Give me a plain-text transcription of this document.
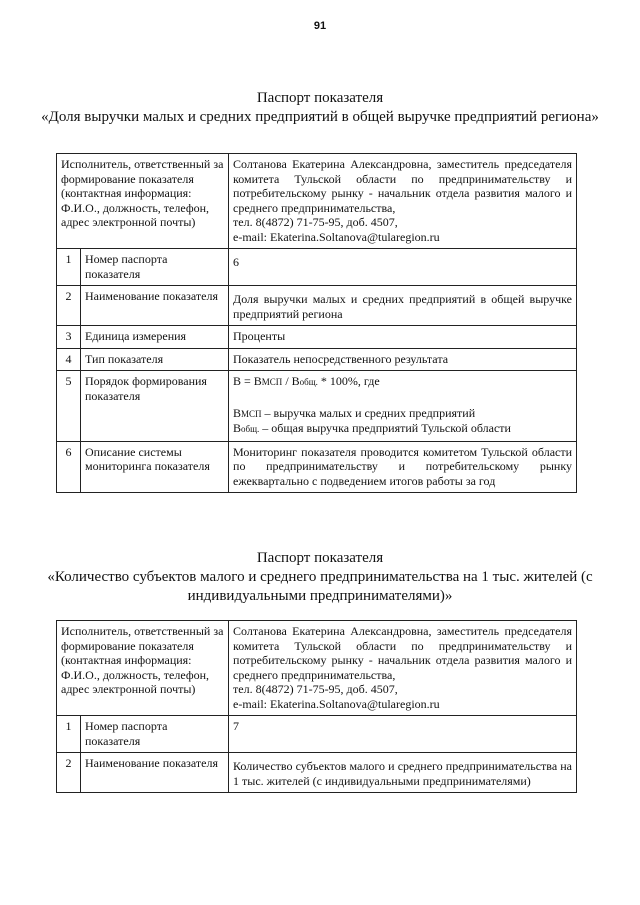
91
Паспорт показателя
«Доля выручки малых и средних предприятий в общей выручке предприятий региона»
Исполнитель, ответственный за формирование показателя (контактная информация: Ф.И.О., должность, телефон, адрес электронной почты)		Солтанова Екатерина Александровна, заместитель председателя комитета Тульской области по предпринимательству и потребительскому рынку - начальник отдела развития малого и среднего предпринимательства,
тел. 8(4872) 71-75-95, доб. 4507,
e-mail: Ekaterina.Soltanova@tularegion.ru

1	Номер паспорта показателя	6

2	Наименование показателя	Доля выручки малых и средних предприятий в общей выручке предприятий региона

3	Единица измерения	Проценты
4	Тип показателя	Показатель непосредственного результата
5	Порядок формирования показателя	В = ВМСП / Вобщ. * 100%, где
ВМСП – выручка малых и средних предприятий
Вобщ. – общая выручка предприятий Тульской области

6	Описание системы мониторинга показателя	Мониторинг показателя проводится комитетом Тульской области по предпринимательству и потребительскому рынку ежеквартально с подведением итогов работы за год
Паспорт показателя
«Количество субъектов малого и среднего предпринимательства на 1 тыс. жителей (с индивидуальными предпринимателями)»
Исполнитель, ответственный за формирование показателя (контактная информация: Ф.И.О., должность, телефон, адрес электронной почты)		Солтанова Екатерина Александровна, заместитель председателя комитета Тульской области по предпринимательству и потребительскому рынку - начальник отдела развития малого и среднего предпринимательства,
тел. 8(4872) 71-75-95, доб. 4507,
e-mail: Ekaterina.Soltanova@tularegion.ru

1	Номер паспорта показателя	7
2	Наименование показателя	Количество субъектов малого и среднего предпринимательства на 1 тыс. жителей (с индивидуальными предпринимателями)
